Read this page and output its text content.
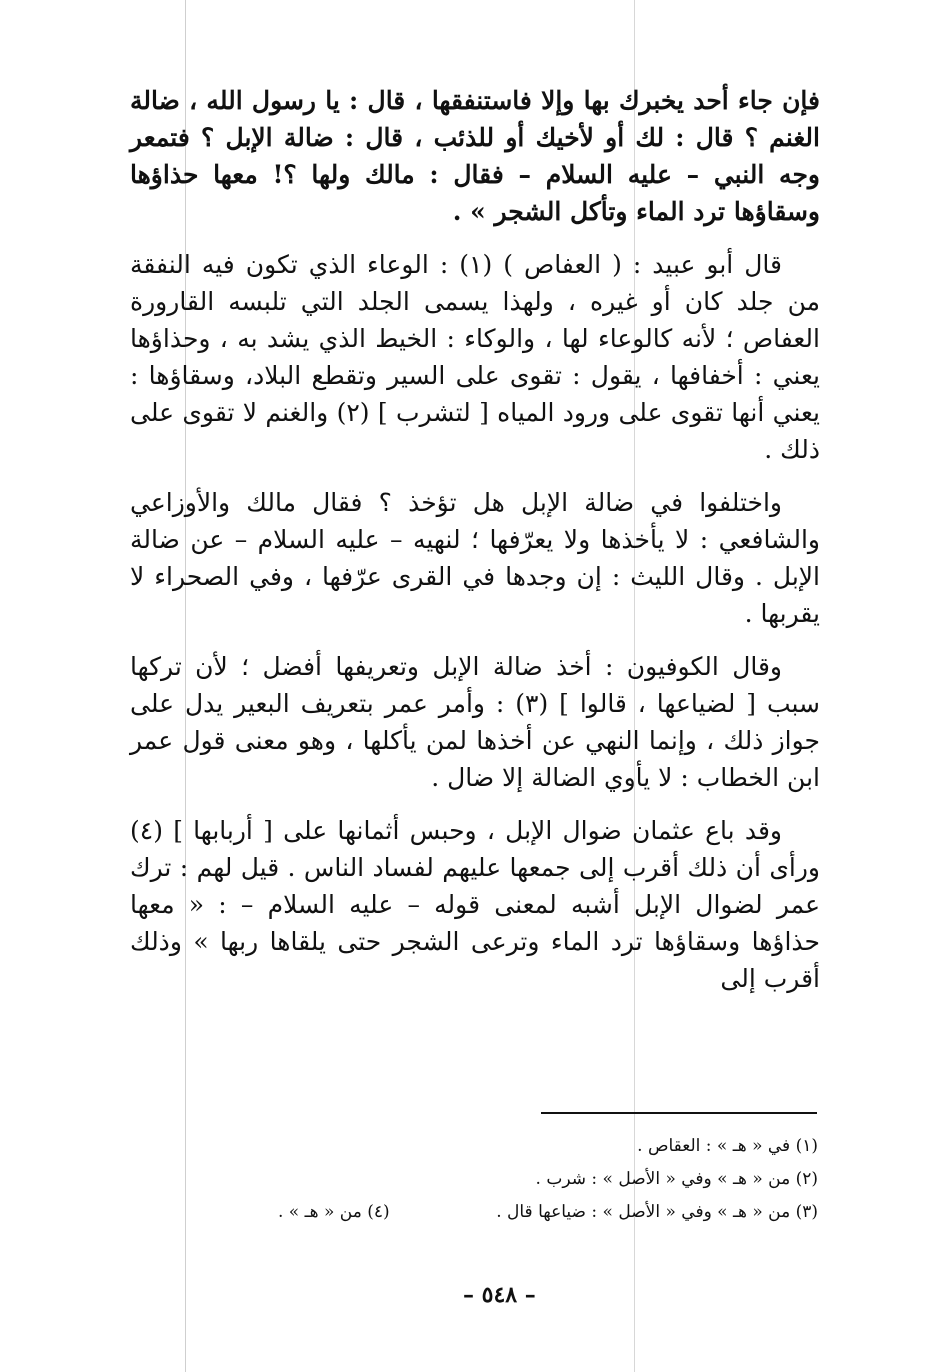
فإن جاء أحد يخبرك بها وإلا فاستنفقها ، قال : يا رسول الله ، ضالة الغنم ؟ قال : لك أو لأخيك أو للذئب ، قال : ضالة الإبل ؟ فتمعر وجه النبي – عليه السلام – فقال : مالك ولها ؟! معها حذاؤها وسقاؤها ترد الماء وتأكل الشجر » .

قال أبو عبيد : ( العفاص ) (١) : الوعاء الذي تكون فيه النفقة من جلد كان أو غيره ، ولهذا يسمى الجلد التي تلبسه القارورة العفاص ؛ لأنه كالوعاء لها ، والوكاء : الخيط الذي يشد به ، وحذاؤها يعني : أخفافها ، يقول : تقوى على السير وتقطع البلاد، وسقاؤها : يعني أنها تقوى على ورود المياه [ لتشرب ] (٢) والغنم لا تقوى على ذلك .

واختلفوا في ضالة الإبل هل تؤخذ ؟ فقال مالك والأوزاعي والشافعي : لا يأخذها ولا يعرّفها ؛ لنهيه – عليه السلام – عن ضالة الإبل . وقال الليث : إن وجدها في القرى عرّفها ، وفي الصحراء لا يقربها .

وقال الكوفيون : أخذ ضالة الإبل وتعريفها أفضل ؛ لأن تركها سبب [ لضياعها ، قالوا ] (٣) : وأمر عمر بتعريف البعير يدل على جواز ذلك ، وإنما النهي عن أخذها لمن يأكلها ، وهو معنى قول عمر ابن الخطاب : لا يأوي الضالة إلا ضال .

وقد باع عثمان ضوال الإبل ، وحبس أثمانها على [ أربابها ] (٤) ورأى أن ذلك أقرب إلى جمعها عليهم لفساد الناس . قيل لهم : ترك عمر لضوال الإبل أشبه لمعنى قوله – عليه السلام – : « معها حذاؤها وسقاؤها ترد الماء وترعى الشجر حتى يلقاها ربها » وذلك أقرب إلى

(١) في « هـ » : العقاص .
(٢) من « هـ » وفي « الأصل » : شرب .
(٣) من « هـ » وفي « الأصل » : ضياعها قال .
(٤) من « هـ » .
– ٥٤٨ –
